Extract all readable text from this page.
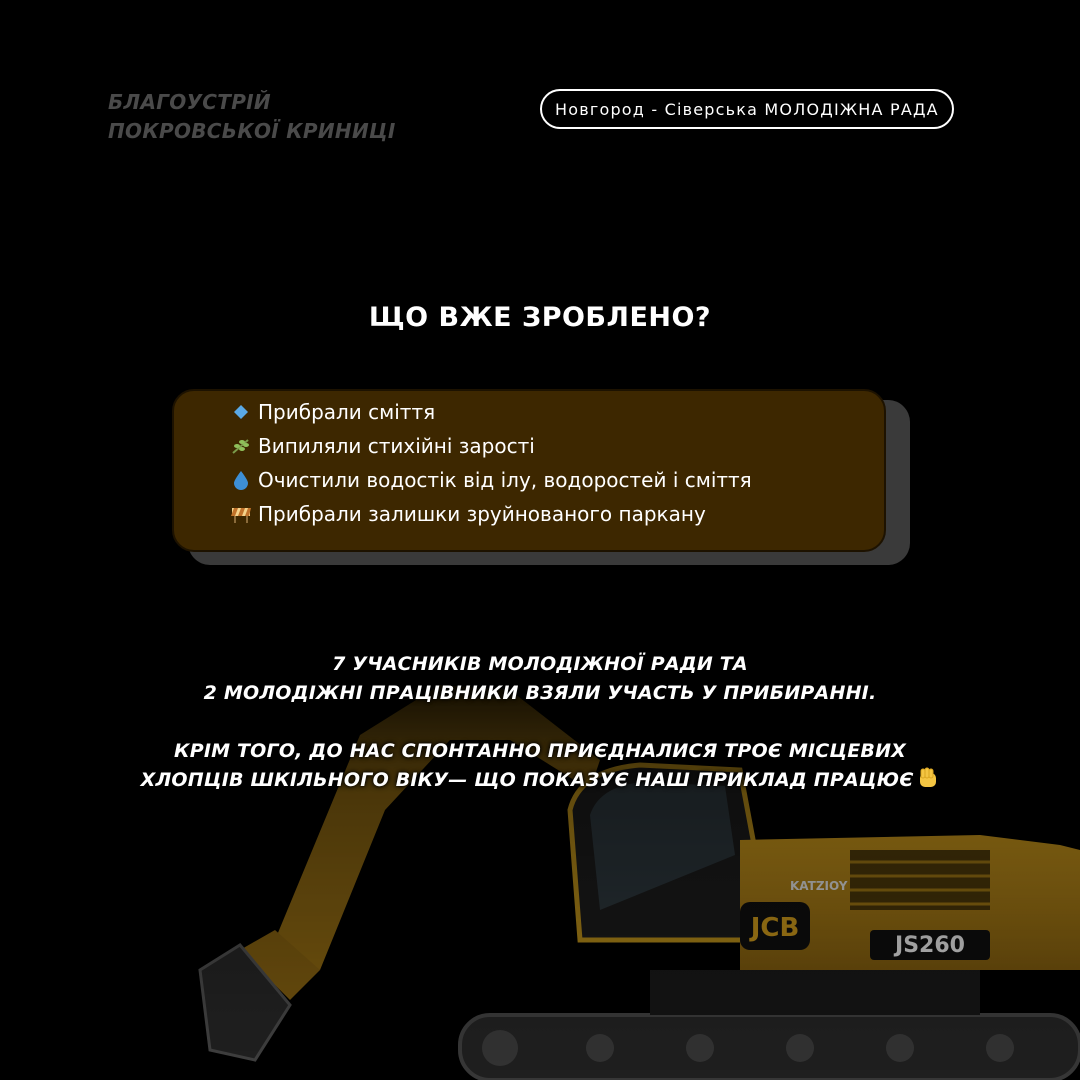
БЛАГОУСТРІЙ
ПОКРОВСЬКОЇ КРИНИЦІ
Новгород - Сіверська МОЛОДІЖНА РАДА
ЩО ВЖЕ ЗРОБЛЕНО?
Прибрали сміття
Випиляли стихійні зарості
Очистили водостік від ілу, водоростей і сміття
Прибрали залишки зруйнованого паркану
7 УЧАСНИКІВ МОЛОДІЖНОЇ РАДИ ТА
2 МОЛОДІЖНІ ПРАЦІВНИКИ ВЗЯЛИ УЧАСТЬ У ПРИБИРАННІ.
КРІМ ТОГО, ДО НАС СПОНТАННО ПРИЄДНАЛИСЯ ТРОЄ МІСЦЕВИХ
ХЛОПЦІВ ШКІЛЬНОГО ВІКУ— ЩО ПОКАЗУЄ НАШ ПРИКЛАД ПРАЦЮЄ
